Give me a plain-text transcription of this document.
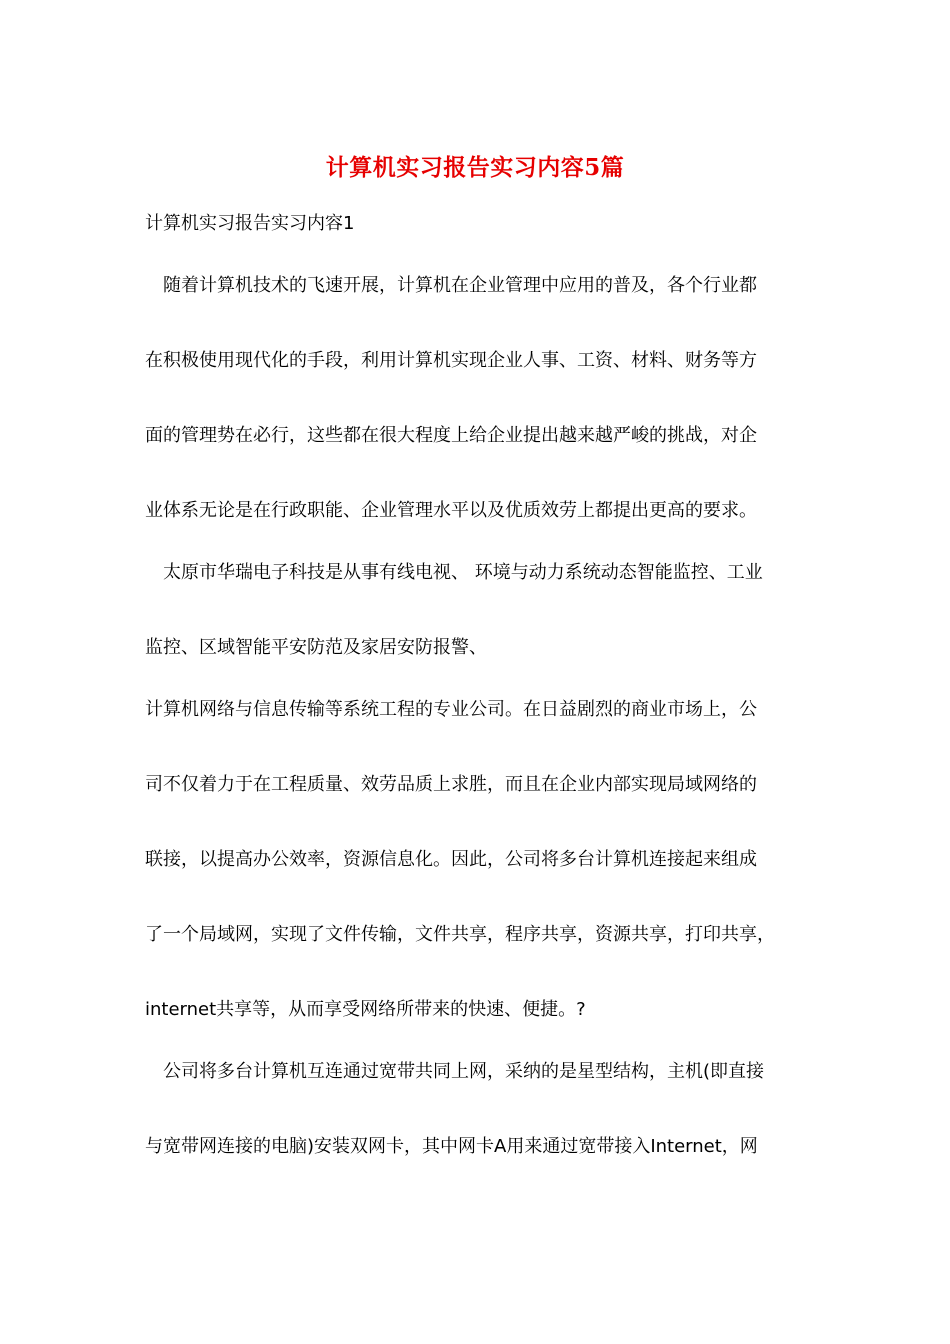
计算机实习报告实习内容5篇
计算机实习报告实习内容1
随着计算机技术的飞速开展，计算机在企业管理中应用的普及，各个行业都
在积极使用现代化的手段，利用计算机实现企业人事、工资、材料、财务等方
面的管理势在必行，这些都在很大程度上给企业提出越来越严峻的挑战，对企
业体系无论是在行政职能、企业管理水平以及优质效劳上都提出更高的要求。
太原市华瑞电子科技是从事有线电视、 环境与动力系统动态智能监控、工业
监控、区域智能平安防范及家居安防报警、
计算机网络与信息传输等系统工程的专业公司。在日益剧烈的商业市场上，公
司不仅着力于在工程质量、效劳品质上求胜，而且在企业内部实现局域网络的
联接，以提高办公效率，资源信息化。因此，公司将多台计算机连接起来组成
了一个局域网，实现了文件传输，文件共享，程序共享，资源共享，打印共享，
internet共享等，从而享受网络所带来的快速、便捷。?
公司将多台计算机互连通过宽带共同上网，采纳的是星型结构，主机(即直接
与宽带网连接的电脑)安装双网卡，其中网卡A用来通过宽带接入Internet，网
